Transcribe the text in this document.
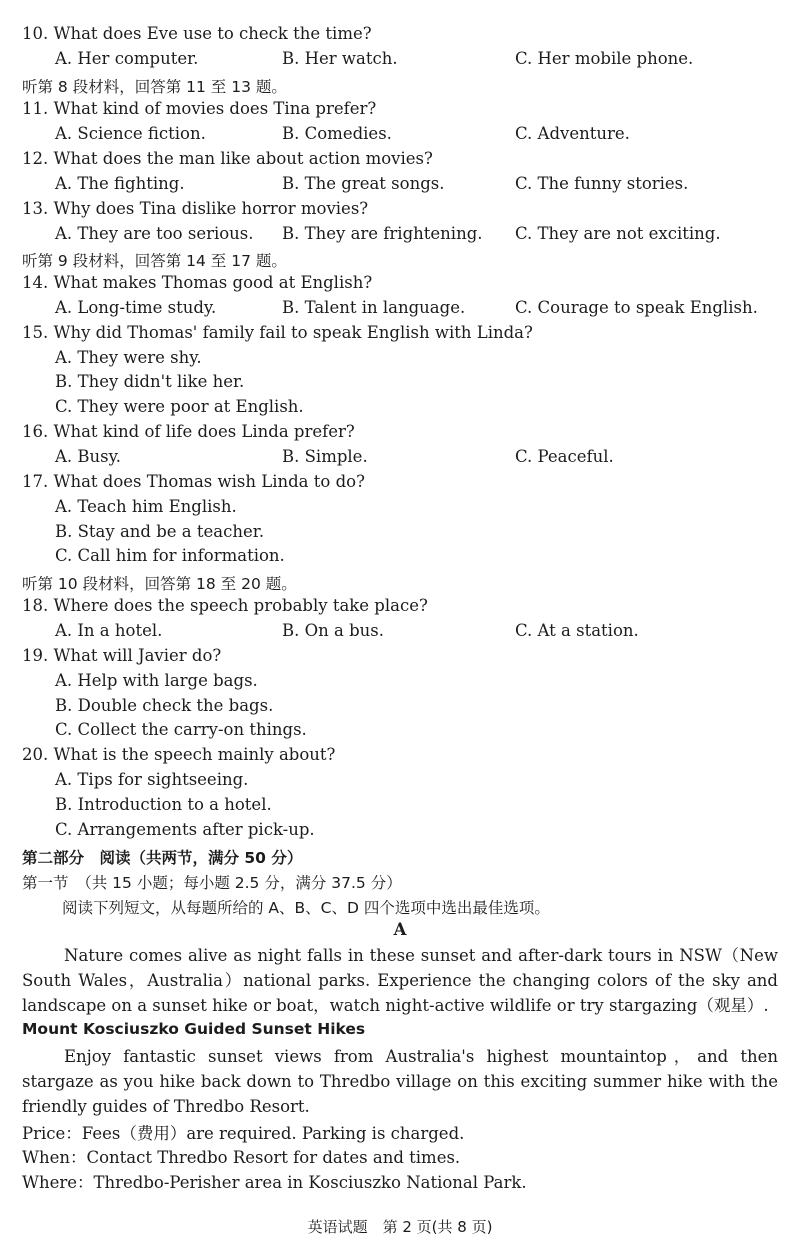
10. What does Eve use to check the time?
A. Her computer.	B. Her watch.	C. Her mobile phone.
听第 8 段材料，回答第 11 至 13 题。
11. What kind of movies does Tina prefer?
A. Science fiction.	B. Comedies.	C. Adventure.
12. What does the man like about action movies?
A. The fighting.	B. The great songs.	C. The funny stories.
13. Why does Tina dislike horror movies?
A. They are too serious. B. They are frightening. C. They are not exciting.
听第 9 段材料，回答第 14 至 17 题。
14. What makes Thomas good at English?
A. Long-time study.	B. Talent in language.	C. Courage to speak English.
15. Why did Thomas' family fail to speak English with Linda?
A. They were shy.
B. They didn't like her.
C. They were poor at English.
16. What kind of life does Linda prefer?
A. Busy.	B. Simple.	C. Peaceful.
17. What does Thomas wish Linda to do?
A. Teach him English.
B. Stay and be a teacher.
C. Call him for information.
听第 10 段材料，回答第 18 至 20 题。
18. Where does the speech probably take place?
A. In a hotel.	B. On a bus.	C. At a station.
19. What will Javier do?
A. Help with large bags.
B. Double check the bags.
C. Collect the carry-on things.
20. What is the speech mainly about?
A. Tips for sightseeing.
B. Introduction to a hotel.
C. Arrangements after pick-up.
第二部分　阅读（共两节，满分 50 分）
第一节　（共 15 小题；每小题 2.5 分，满分 37.5 分）
阅读下列短文，从每题所给的 A、B、C、D 四个选项中选出最佳选项。
A
Nature comes alive as night falls in these sunset and after-dark tours in NSW（New South Wales，Australia）national parks. Experience the changing colors of the sky and landscape on a sunset hike or boat，watch night-active wildlife or try stargazing（观星）.
Mount Kosciuszko Guided Sunset Hikes
Enjoy fantastic sunset views from Australia's highest mountaintop，and then stargaze as you hike back down to Thredbo village on this exciting summer hike with the friendly guides of Thredbo Resort.
Price：Fees（费用）are required. Parking is charged.
When：Contact Thredbo Resort for dates and times.
Where：Thredbo-Perisher area in Kosciuszko National Park.
英语试题　第 2 页(共 8 页)
